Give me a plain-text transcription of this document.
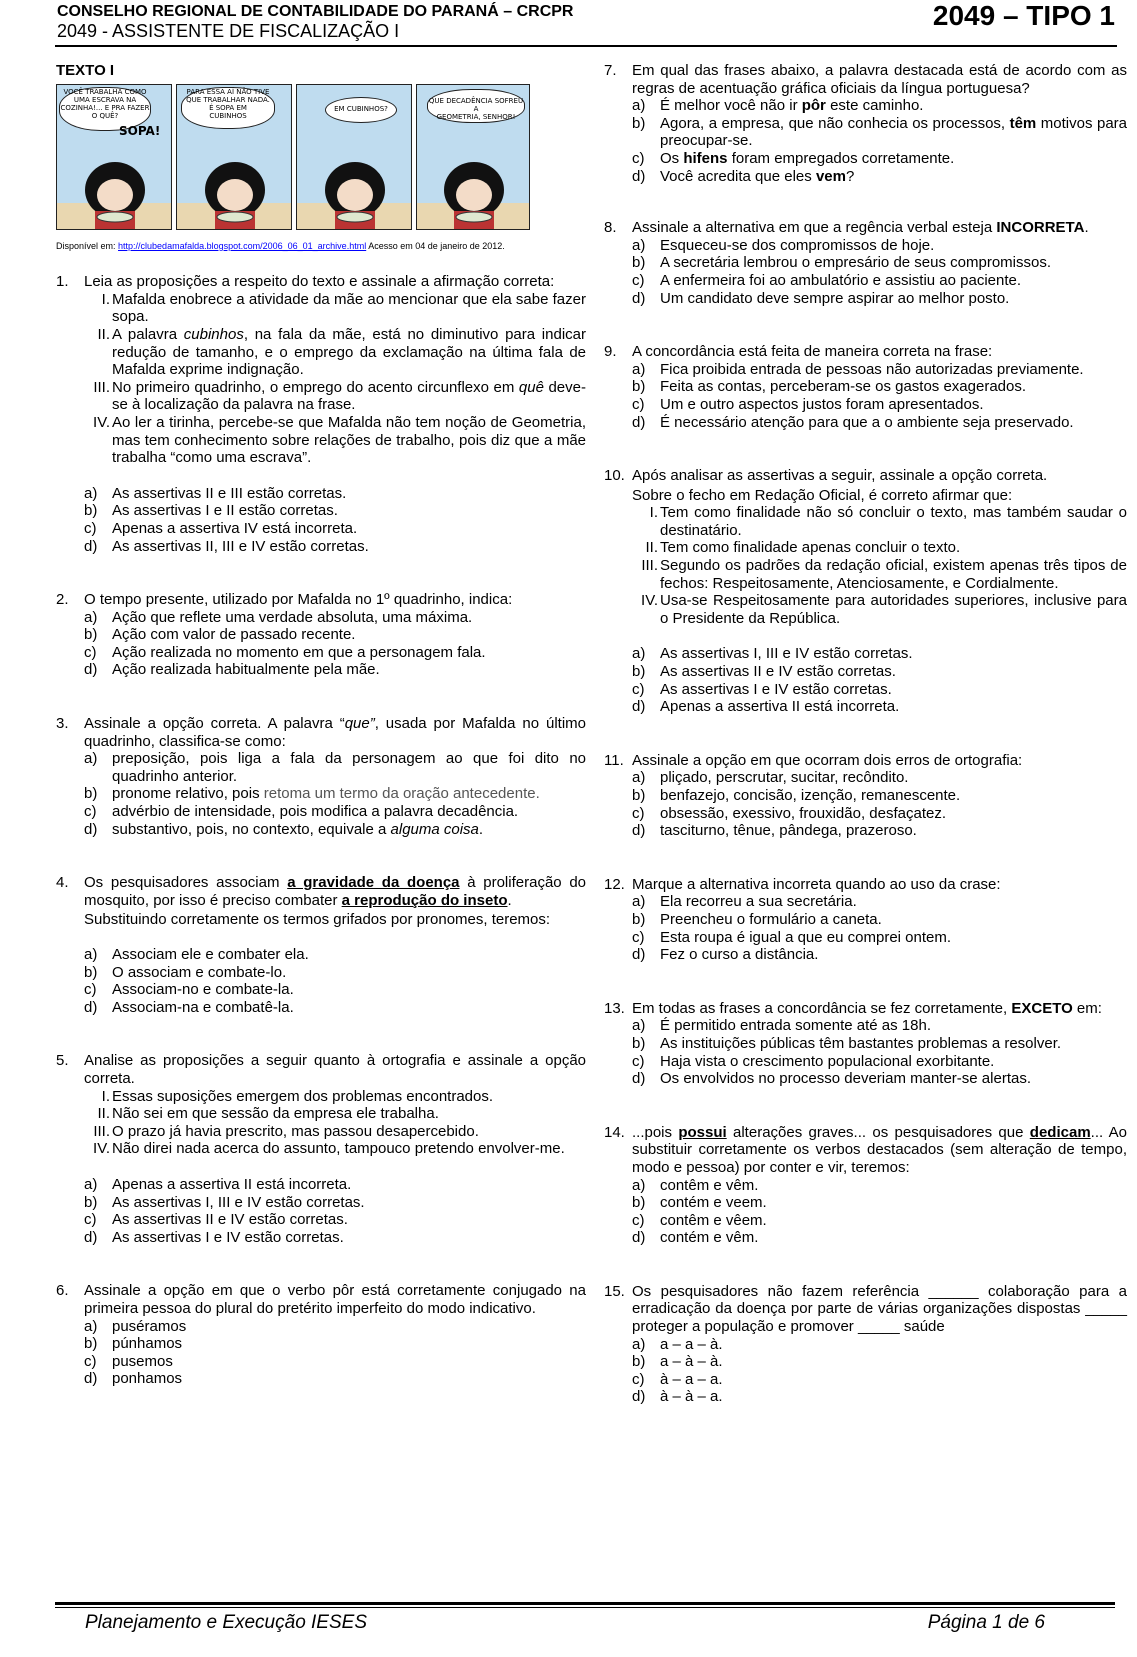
CONSELHO REGIONAL DE CONTABILIDADE DO PARANÁ – CRCPR
2049 - ASSISTENTE DE FISCALIZAÇÃO I	2049 – TIPO 1
TEXTO I
VOCÊ TRABALHA COMO
UMA ESCRAVA NA
COZINHA!... E PRA FAZER
O QUÊ?
SOPA!
PARA ESSA AÍ NÃO TIVE
QUE TRABALHAR NADA.
É SOPA EM
CUBINHOS
EM CUBINHOS?
QUE DECADÊNCIA SOFREU A
GEOMETRIA, SENHOR!
Disponível em: http://clubedamafalda.blogspot.com/2006_06_01_archive.html Acesso em 04 de janeiro de 2012.
1. Leia as proposições a respeito do texto e assinale a afirmação correta:
I. Mafalda enobrece a atividade da mãe ao mencionar que ela sabe fazer sopa.
II. A palavra cubinhos, na fala da mãe, está no diminutivo para indicar redução de tamanho, e o emprego da exclamação na última fala de Mafalda exprime indignação.
III. No primeiro quadrinho, o emprego do acento circunflexo em quê deve-se à localização da palavra na frase.
IV. Ao ler a tirinha, percebe-se que Mafalda não tem noção de Geometria, mas tem conhecimento sobre relações de trabalho, pois diz que a mãe trabalha “como uma escrava”.
a) As assertivas II e III estão corretas.
b) As assertivas I e II estão corretas.
c) Apenas a assertiva IV está incorreta.
d) As assertivas II, III e IV estão corretas.
2. O tempo presente, utilizado por Mafalda no 1º quadrinho, indica:
a) Ação que reflete uma verdade absoluta, uma máxima.
b) Ação com valor de passado recente.
c) Ação realizada no momento em que a personagem fala.
d) Ação realizada habitualmente pela mãe.
3. Assinale a opção correta. A palavra “que”, usada por Mafalda no último quadrinho, classifica-se como:
a) preposição, pois liga a fala da personagem ao que foi dito no quadrinho anterior.
b) pronome relativo, pois retoma um termo da oração antecedente.
c) advérbio de intensidade, pois modifica a palavra decadência.
d) substantivo, pois, no contexto, equivale a alguma coisa.
4. Os pesquisadores associam a gravidade da doença à proliferação do mosquito, por isso é preciso combater a reprodução do inseto.
Substituindo corretamente os termos grifados por pronomes, teremos:
a) Associam ele e combater ela.
b) O associam e combate-lo.
c) Associam-no e combate-la.
d) Associam-na e combatê-la.
5. Analise as proposições a seguir quanto à ortografia e assinale a opção correta.
I. Essas suposições emergem dos problemas encontrados.
II. Não sei em que sessão da empresa ele trabalha.
III. O prazo já havia prescrito, mas passou desapercebido.
IV. Não direi nada acerca do assunto, tampouco pretendo envolver-me.
a) Apenas a assertiva II está incorreta.
b) As assertivas I, III e IV estão corretas.
c) As assertivas II e IV estão corretas.
d) As assertivas I e IV estão corretas.
6. Assinale a opção em que o verbo pôr está corretamente conjugado na primeira pessoa do plural do pretérito imperfeito do modo indicativo.
a) puséramos
b) púnhamos
c) pusemos
d) ponhamos
7. Em qual das frases abaixo, a palavra destacada está de acordo com as regras de acentuação gráfica oficiais da língua portuguesa?
a) É melhor você não ir pôr este caminho.
b) Agora, a empresa, que não conhecia os processos, têm motivos para preocupar-se.
c) Os hifens foram empregados corretamente.
d) Você acredita que eles vem?
8. Assinale a alternativa em que a regência verbal esteja INCORRETA.
a) Esqueceu-se dos compromissos de hoje.
b) A secretária lembrou o empresário de seus compromissos.
c) A enfermeira foi ao ambulatório e assistiu ao paciente.
d) Um candidato deve sempre aspirar ao melhor posto.
9. A concordância está feita de maneira correta na frase:
a) Fica proibida entrada de pessoas não autorizadas previamente.
b) Feita as contas, perceberam-se os gastos exagerados.
c) Um e outro aspectos justos foram apresentados.
d) É necessário atenção para que a o ambiente seja preservado.
10. Após analisar as assertivas a seguir, assinale a opção correta.
Sobre o fecho em Redação Oficial, é correto afirmar que:
I. Tem como finalidade não só concluir o texto, mas também saudar o destinatário.
II. Tem como finalidade apenas concluir o texto.
III. Segundo os padrões da redação oficial, existem apenas três tipos de fechos: Respeitosamente, Atenciosamente, e Cordialmente.
IV. Usa-se Respeitosamente para autoridades superiores, inclusive para o Presidente da República.
a) As assertivas I, III e IV estão corretas.
b) As assertivas II e IV estão corretas.
c) As assertivas I e IV estão corretas.
d) Apenas a assertiva II está incorreta.
11. Assinale a opção em que ocorram dois erros de ortografia:
a) pliçado, perscrutar, sucitar, recôndito.
b) benfazejo, concisão, izenção, remanescente.
c) obsessão, exessivo, frouxidão, desfaçatez.
d) tasciturno, tênue, pândega, prazeroso.
12. Marque a alternativa incorreta quando ao uso da crase:
a) Ela recorreu a sua secretária.
b) Preencheu o formulário a caneta.
c) Esta roupa é igual a que eu comprei ontem.
d) Fez o curso a distância.
13. Em todas as frases a concordância se fez corretamente, EXCETO em:
a) É permitido entrada somente até as 18h.
b) As instituições públicas têm bastantes problemas a resolver.
c) Haja vista o crescimento populacional exorbitante.
d) Os envolvidos no processo deveriam manter-se alertas.
14. ...pois possui alterações graves... os pesquisadores que dedicam... Ao substituir corretamente os verbos destacados (sem alteração de tempo, modo e pessoa) por conter e vir, teremos:
a) contêm e vêm.
b) contém e veem.
c) contêm e vêem.
d) contém e vêm.
15. Os pesquisadores não fazem referência ______ colaboração para a erradicação da doença por parte de várias organizações dispostas _____ proteger a população e promover _____ saúde
a) a – a – à.
b) a – à – à.
c) à – a – a.
d) à – à – a.
Planejamento e Execução IESES	Página 1 de 6
